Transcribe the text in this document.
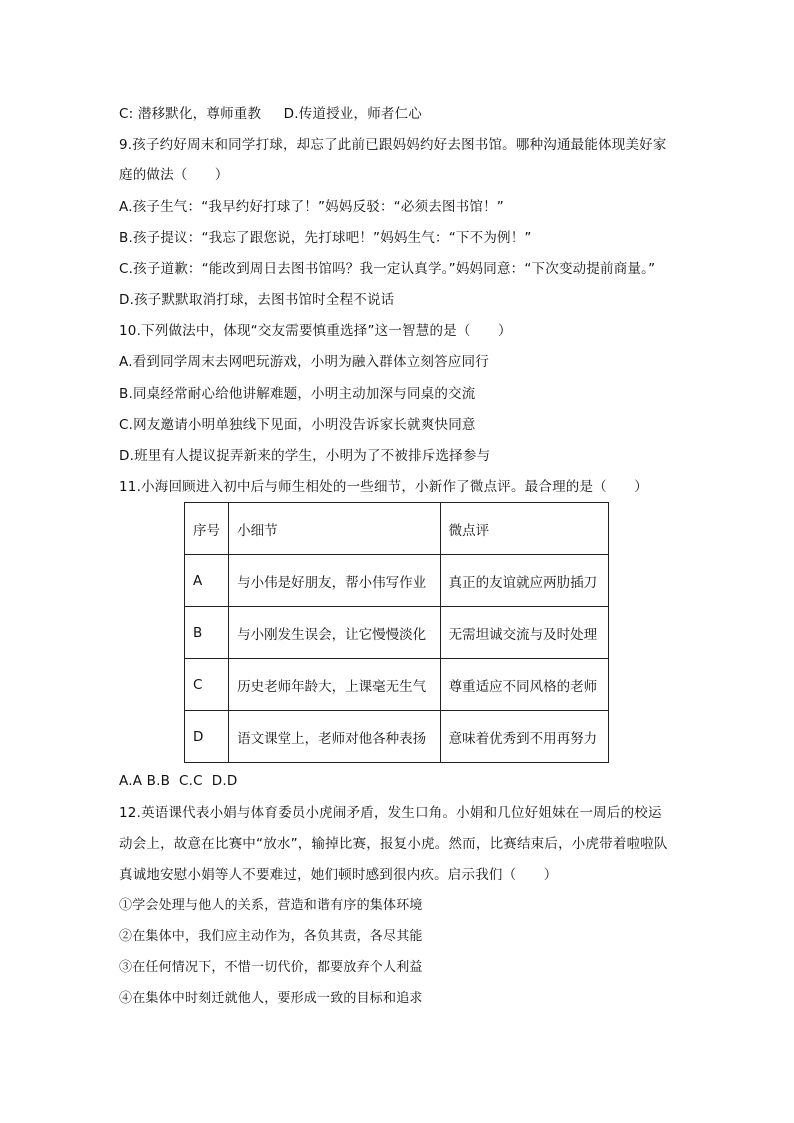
C: 潜移默化，尊师重教     D.传道授业，师者仁心
9.孩子约好周末和同学打球，却忘了此前已跟妈妈约好去图书馆。哪种沟通最能体现美好家
庭的做法（　　）
A.孩子生气：“我早约好打球了！”妈妈反驳：“必须去图书馆！”
B.孩子提议：“我忘了跟您说，先打球吧！”妈妈生气：“下不为例！”
C.孩子道歉：“能改到周日去图书馆吗？我一定认真学。”妈妈同意：“下次变动提前商量。”
D.孩子默默取消打球，去图书馆时全程不说话
10.下列做法中，体现“交友需要慎重选择”这一智慧的是（　　）
A.看到同学周末去网吧玩游戏，小明为融入群体立刻答应同行
B.同桌经常耐心给他讲解难题，小明主动加深与同桌的交流
C.网友邀请小明单独线下见面，小明没告诉家长就爽快同意
D.班里有人提议捉弄新来的学生，小明为了不被排斥选择参与
11.小海回顾进入初中后与师生相处的一些细节，小新作了微点评。最合理的是（　　）
序号	小细节	微点评
A	与小伟是好朋友，帮小伟写作业	真正的友谊就应两肋插刀
B	与小刚发生误会，让它慢慢淡化	无需坦诚交流与及时处理
C	历史老师年龄大，上课毫无生气	尊重适应不同风格的老师
D	语文课堂上，老师对他各种表扬	意味着优秀到不用再努力
A.A B.B  C.C  D.D
12.英语课代表小娟与体育委员小虎闹矛盾，发生口角。小娟和几位好姐妹在一周后的校运
动会上，故意在比赛中“放水”，输掉比赛，报复小虎。然而，比赛结束后，小虎带着啦啦队
真诚地安慰小娟等人不要难过，她们顿时感到很内疚。启示我们（　　）
①学会处理与他人的关系，营造和谐有序的集体环境
②在集体中，我们应主动作为，各负其责，各尽其能
③在任何情况下，不惜一切代价，都要放弃个人利益
④在集体中时刻迁就他人，要形成一致的目标和追求
